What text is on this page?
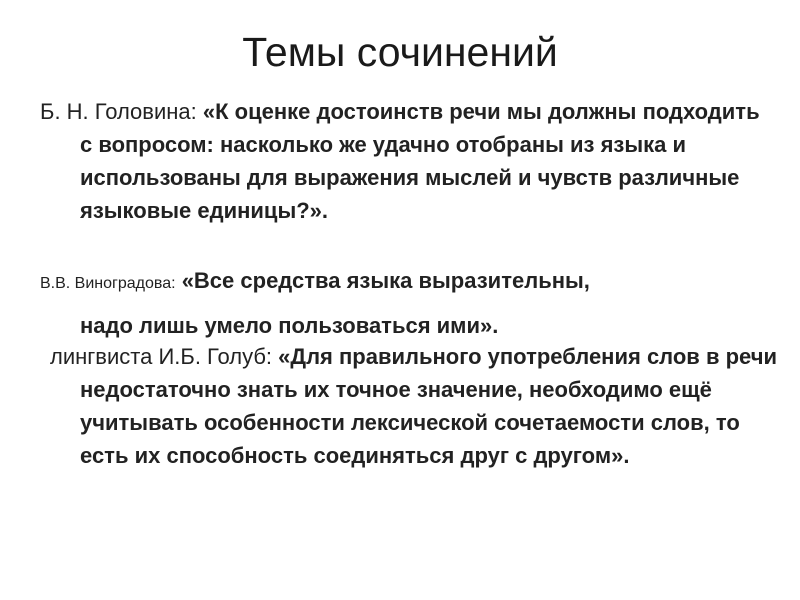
Темы сочинений
Б. Н. Головина: «К оценке достоинств речи мы должны подходить с вопросом: насколько же удачно отобраны из языка и использованы для выражения мыслей и чувств различные языковые единицы?».
В.В. Виноградова: «Все средства языка выразительны,
надо лишь умело пользоваться ими».
лингвиста И.Б. Голуб: «Для правильного употребления слов в речи недостаточно знать их точное значение, необходимо ещё учитывать особенности лексической сочетаемости слов, то есть их способность соединяться друг с другом».
